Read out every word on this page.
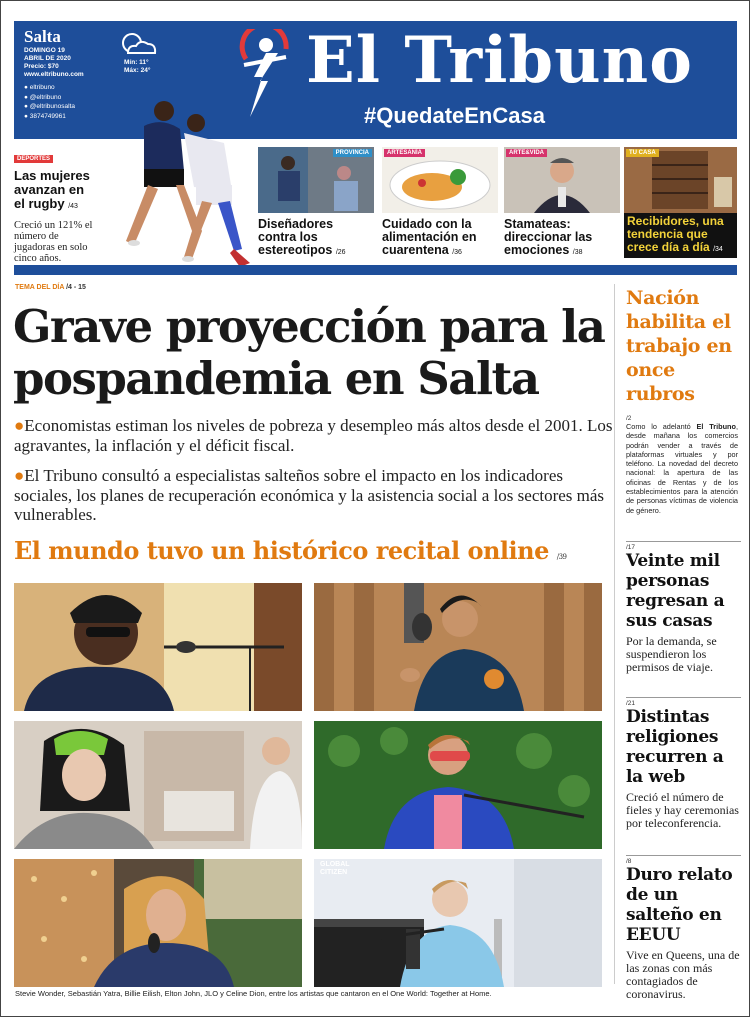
Salta
DOMINGO 19
ABRIL DE 2020
Precio: $70
www.eltribuno.com
● eltribuno
● @eltribuno
● @eltribunosalta
● 3874749961
Mín: 11°
Máx: 24° El Tribuno
#QuedateEnCasa
DEPORTES
Las mujeres avanzan en el rugby /43

Creció un 121% el número de jugadoras en solo cinco años.

PROVINCIA
Diseñadores contra los estereotipos /26
ARTESANÍA
Cuidado con la alimentación en cuarentena /36
ARTE&VIDA
Stamateas: direccionar las emociones /38
TU CASA
Recibidores, una tendencia que crece día a día /34
TEMA DEL DÍA /4 - 15
Grave proyección para la pospandemia en Salta
●Economistas estiman los niveles de pobreza y desempleo más altos desde el 2001. Los agravantes, la inflación y el déficit fiscal.
●El Tribuno consultó a especialistas salteños sobre el impacto en los indicadores sociales, los planes de recuperación económica y la asistencia social a los sectores más vulnerables.
El mundo tuvo un histórico recital online /39
GLOBAL CITIZEN
Stevie Wonder, Sebastián Yatra, Billie Eilish, Elton John, JLO y Celine Dion, entre los artistas que cantaron en el One World: Together at Home.
Nación habilita el trabajo en once rubros
/2

Como lo adelantó El Tribuno, desde mañana los comercios podrán vender a través de plataformas virtuales y por teléfono. La novedad del decreto nacional: la apertura de las oficinas de Rentas y de los establecimientos para la atención de personas víctimas de violencia de género.

/17
Veinte mil personas regresan a sus casas

Por la demanda, se suspendieron los permisos de viaje.

/21
Distintas religiones recurren a la web

Creció el número de fieles y hay ceremonias por teleconferencia.

/8
Duro relato de un salteño en EEUU

Vive en Queens, una de las zonas con más contagiados de coronavirus.
